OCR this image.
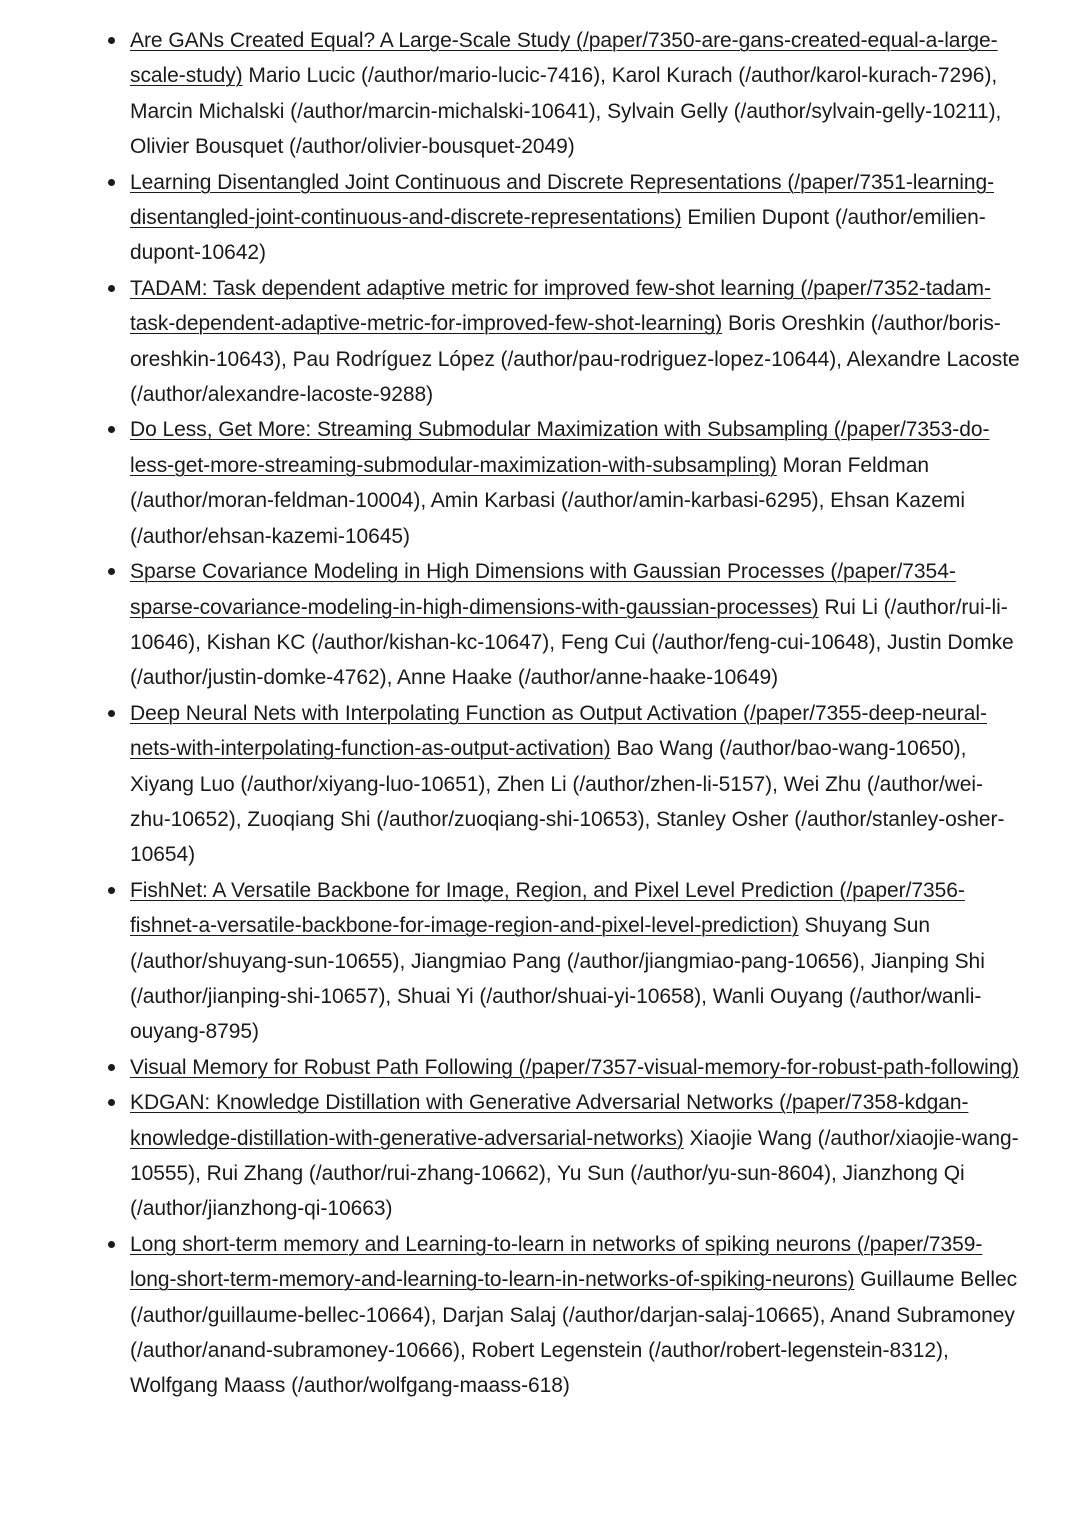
Are GANs Created Equal? A Large-Scale Study (/paper/7350-are-gans-created-equal-a-large-scale-study) Mario Lucic (/author/mario-lucic-7416), Karol Kurach (/author/karol-kurach-7296), Marcin Michalski (/author/marcin-michalski-10641), Sylvain Gelly (/author/sylvain-gelly-10211), Olivier Bousquet (/author/olivier-bousquet-2049)
Learning Disentangled Joint Continuous and Discrete Representations (/paper/7351-learning-disentangled-joint-continuous-and-discrete-representations) Emilien Dupont (/author/emilien-dupont-10642)
TADAM: Task dependent adaptive metric for improved few-shot learning (/paper/7352-tadam-task-dependent-adaptive-metric-for-improved-few-shot-learning) Boris Oreshkin (/author/boris-oreshkin-10643), Pau Rodríguez López (/author/pau-rodriguez-lopez-10644), Alexandre Lacoste (/author/alexandre-lacoste-9288)
Do Less, Get More: Streaming Submodular Maximization with Subsampling (/paper/7353-do-less-get-more-streaming-submodular-maximization-with-subsampling) Moran Feldman (/author/moran-feldman-10004), Amin Karbasi (/author/amin-karbasi-6295), Ehsan Kazemi (/author/ehsan-kazemi-10645)
Sparse Covariance Modeling in High Dimensions with Gaussian Processes (/paper/7354-sparse-covariance-modeling-in-high-dimensions-with-gaussian-processes) Rui Li (/author/rui-li-10646), Kishan KC (/author/kishan-kc-10647), Feng Cui (/author/feng-cui-10648), Justin Domke (/author/justin-domke-4762), Anne Haake (/author/anne-haake-10649)
Deep Neural Nets with Interpolating Function as Output Activation (/paper/7355-deep-neural-nets-with-interpolating-function-as-output-activation) Bao Wang (/author/bao-wang-10650), Xiyang Luo (/author/xiyang-luo-10651), Zhen Li (/author/zhen-li-5157), Wei Zhu (/author/wei-zhu-10652), Zuoqiang Shi (/author/zuoqiang-shi-10653), Stanley Osher (/author/stanley-osher-10654)
FishNet: A Versatile Backbone for Image, Region, and Pixel Level Prediction (/paper/7356-fishnet-a-versatile-backbone-for-image-region-and-pixel-level-prediction) Shuyang Sun (/author/shuyang-sun-10655), Jiangmiao Pang (/author/jiangmiao-pang-10656), Jianping Shi (/author/jianping-shi-10657), Shuai Yi (/author/shuai-yi-10658), Wanli Ouyang (/author/wanli-ouyang-8795)
Visual Memory for Robust Path Following (/paper/7357-visual-memory-for-robust-path-following)
KDGAN: Knowledge Distillation with Generative Adversarial Networks (/paper/7358-kdgan-knowledge-distillation-with-generative-adversarial-networks) Xiaojie Wang (/author/xiaojie-wang-10555), Rui Zhang (/author/rui-zhang-10662), Yu Sun (/author/yu-sun-8604), Jianzhong Qi (/author/jianzhong-qi-10663)
Long short-term memory and Learning-to-learn in networks of spiking neurons (/paper/7359-long-short-term-memory-and-learning-to-learn-in-networks-of-spiking-neurons) Guillaume Bellec (/author/guillaume-bellec-10664), Darjan Salaj (/author/darjan-salaj-10665), Anand Subramoney (/author/anand-subramoney-10666), Robert Legenstein (/author/robert-legenstein-8312), Wolfgang Maass (/author/wolfgang-maass-618)
